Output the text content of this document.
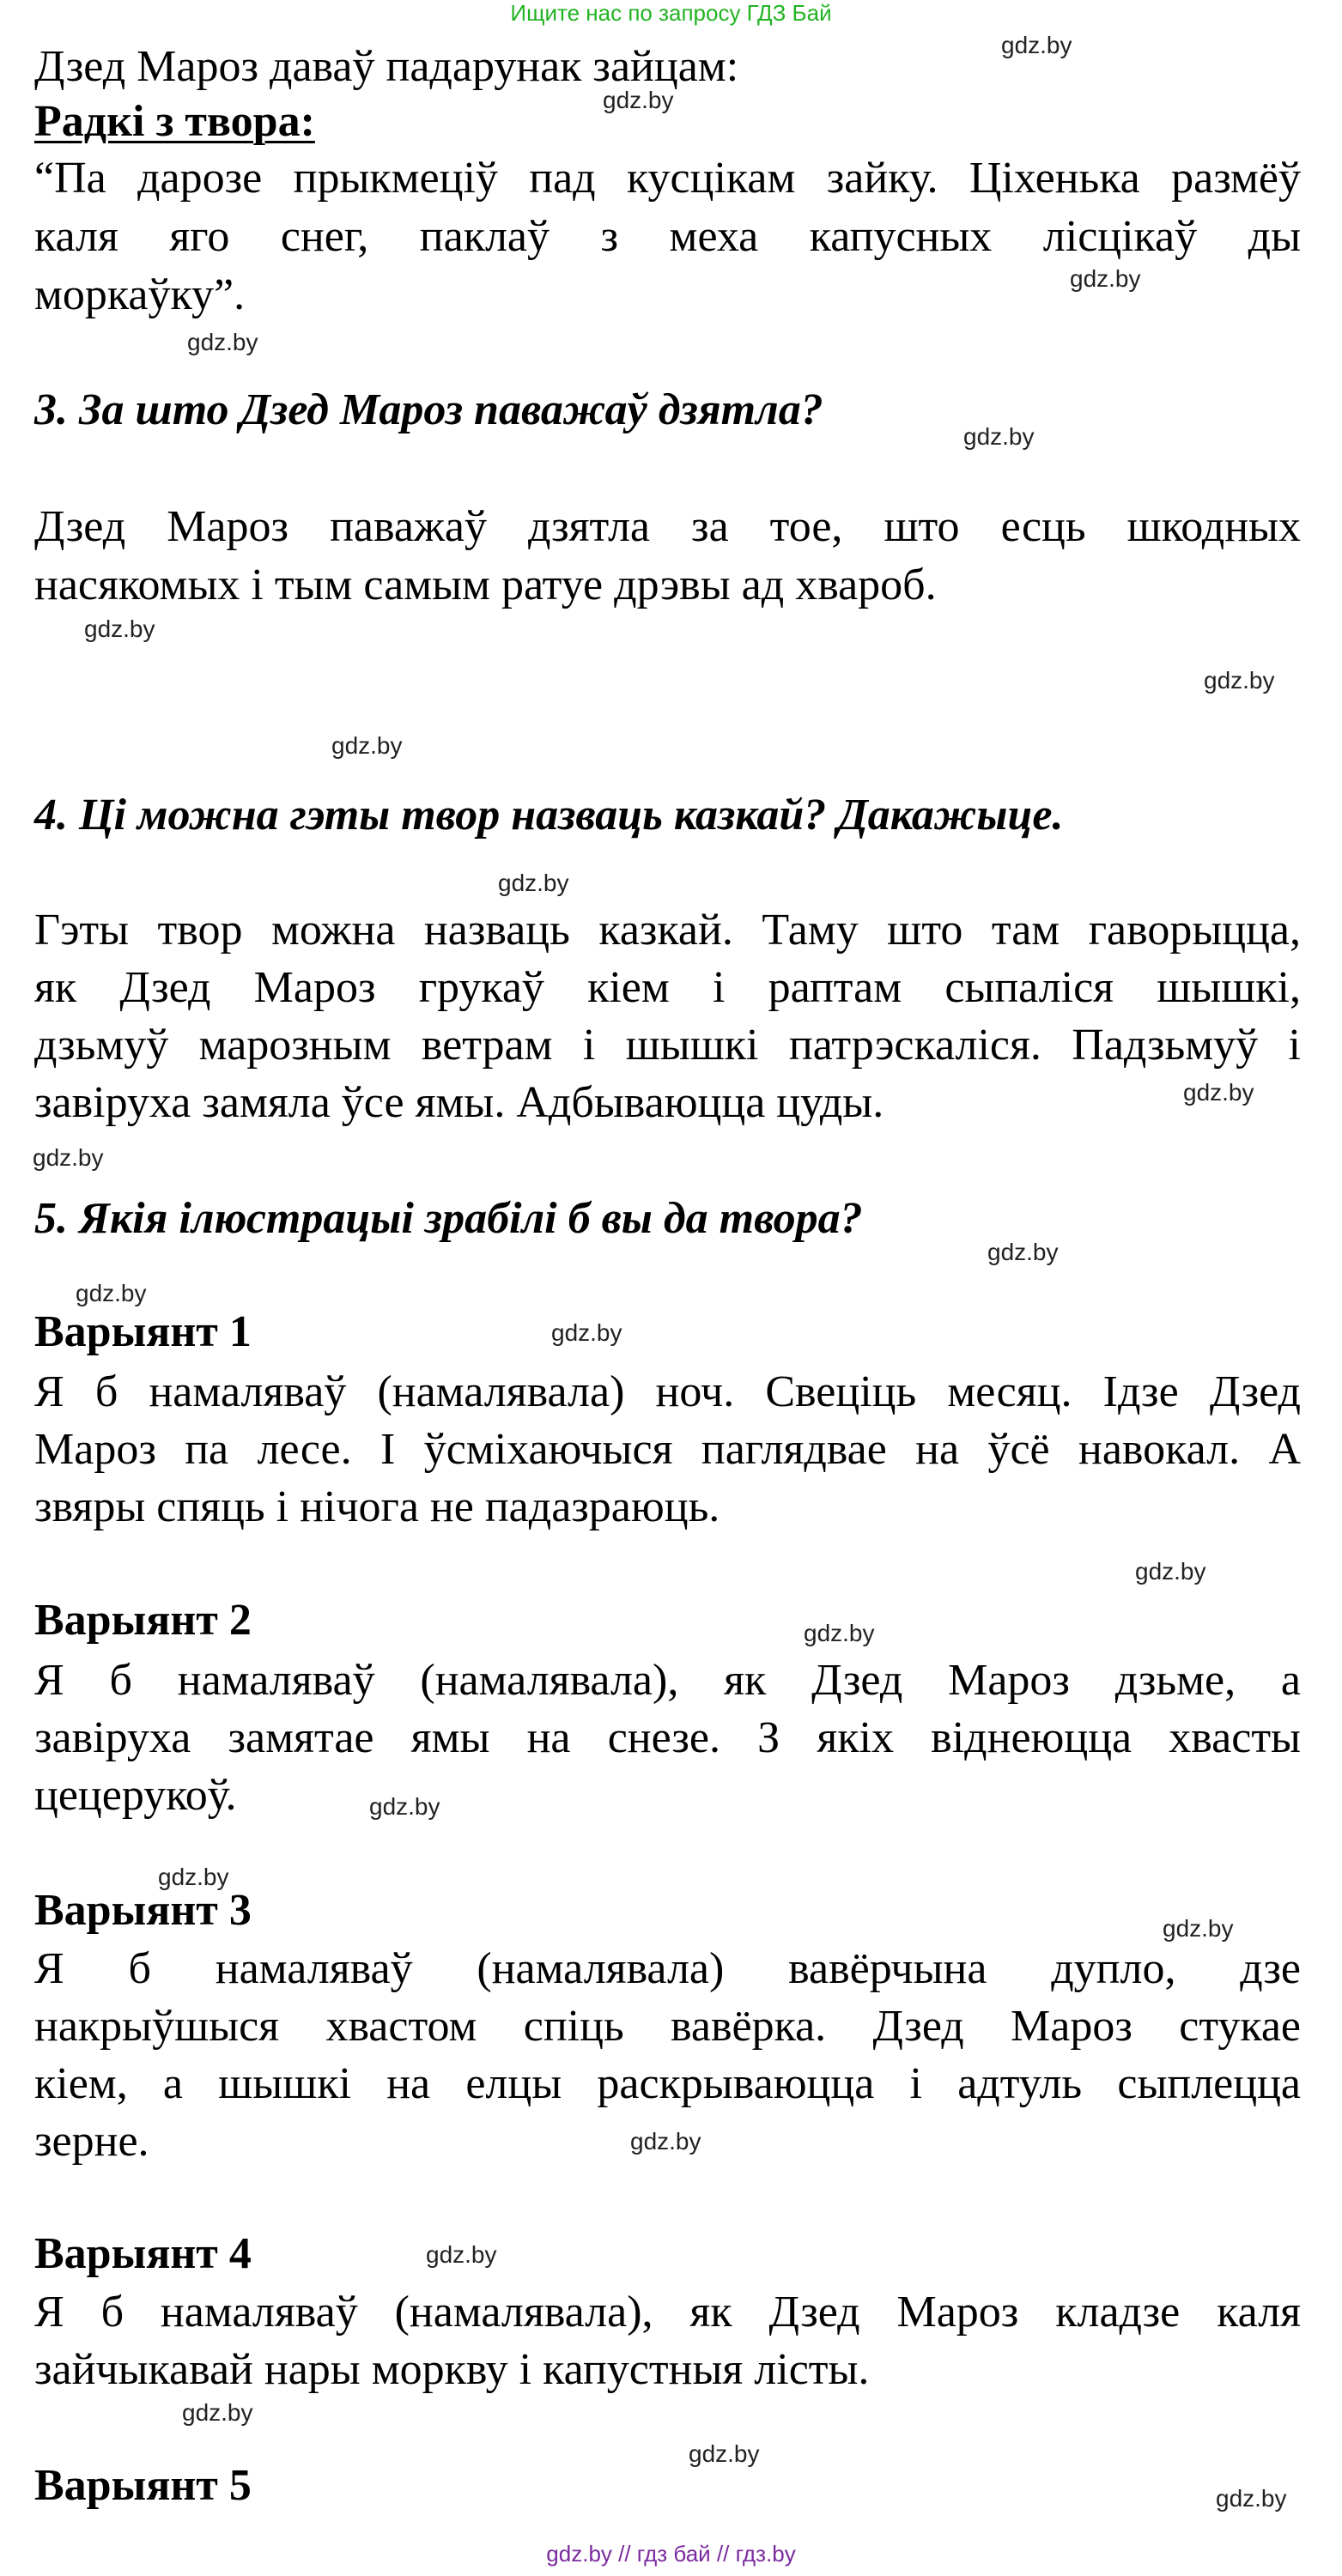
Ищите нас по запросу ГДЗ Бай
Дзед Мароз даваў падарунак зайцам:
Радкі з твора:
“Па дарозе прыкмеціў пад кусцікам зайку. Ціхенька размёў
каля яго снег, паклаў з меха капусных лісцікаў ды
моркаўку”.
3. За што Дзед Мароз паважаў дзятла?
Дзед Мароз паважаў дзятла за тое, што есць шкодных
насякомых і тым самым ратуе дрэвы ад хвароб.
4. Ці можна гэты твор назваць казкай? Дакажыце.
Гэты твор можна назваць казкай. Таму што там гаворыцца,
як Дзед Мароз грукаў кіем і раптам сыпаліся шышкі,
дзьмуў марозным ветрам і шышкі патрэскаліся. Падзьмуў і
завіруха замяла ўсе ямы. Адбываюцца цуды.
5. Якія ілюстрацыі зрабілі б вы да твора?
Варыянт 1
Я б намаляваў (намалявала) ноч. Свеціць месяц. Ідзе Дзед
Мароз па лесе. І ўсміхаючыся паглядвае на ўсё навокал. А
звяры спяць і нічога не падазраюць.
Варыянт 2
Я б намаляваў (намалявала), як Дзед Мароз дзьме, а
завіруха замятае ямы на снезе. З якіх віднеюцца хвасты
цецерукоў.
Варыянт 3
Я б намаляваў (намалявала) вавёрчына дупло, дзе
накрыўшыся хвастом спіць вавёрка. Дзед Мароз стукае
кіем, а шышкі на елцы раскрываюцца і адтуль сыплецца
зерне.
Варыянт 4
Я б намаляваў (намалявала), як Дзед Мароз кладзе каля
зайчыкавай нары моркву і капустныя лісты.
Варыянт 5
gdz.by
gdz.by
gdz.by
gdz.by
gdz.by
gdz.by
gdz.by
gdz.by
gdz.by
gdz.by
gdz.by
gdz.by
gdz.by
gdz.by
gdz.by
gdz.by
gdz.by
gdz.by
gdz.by
gdz.by
gdz.by
gdz.by
gdz.by
gdz.by
gdz.by // гдз бай // гдз.by
